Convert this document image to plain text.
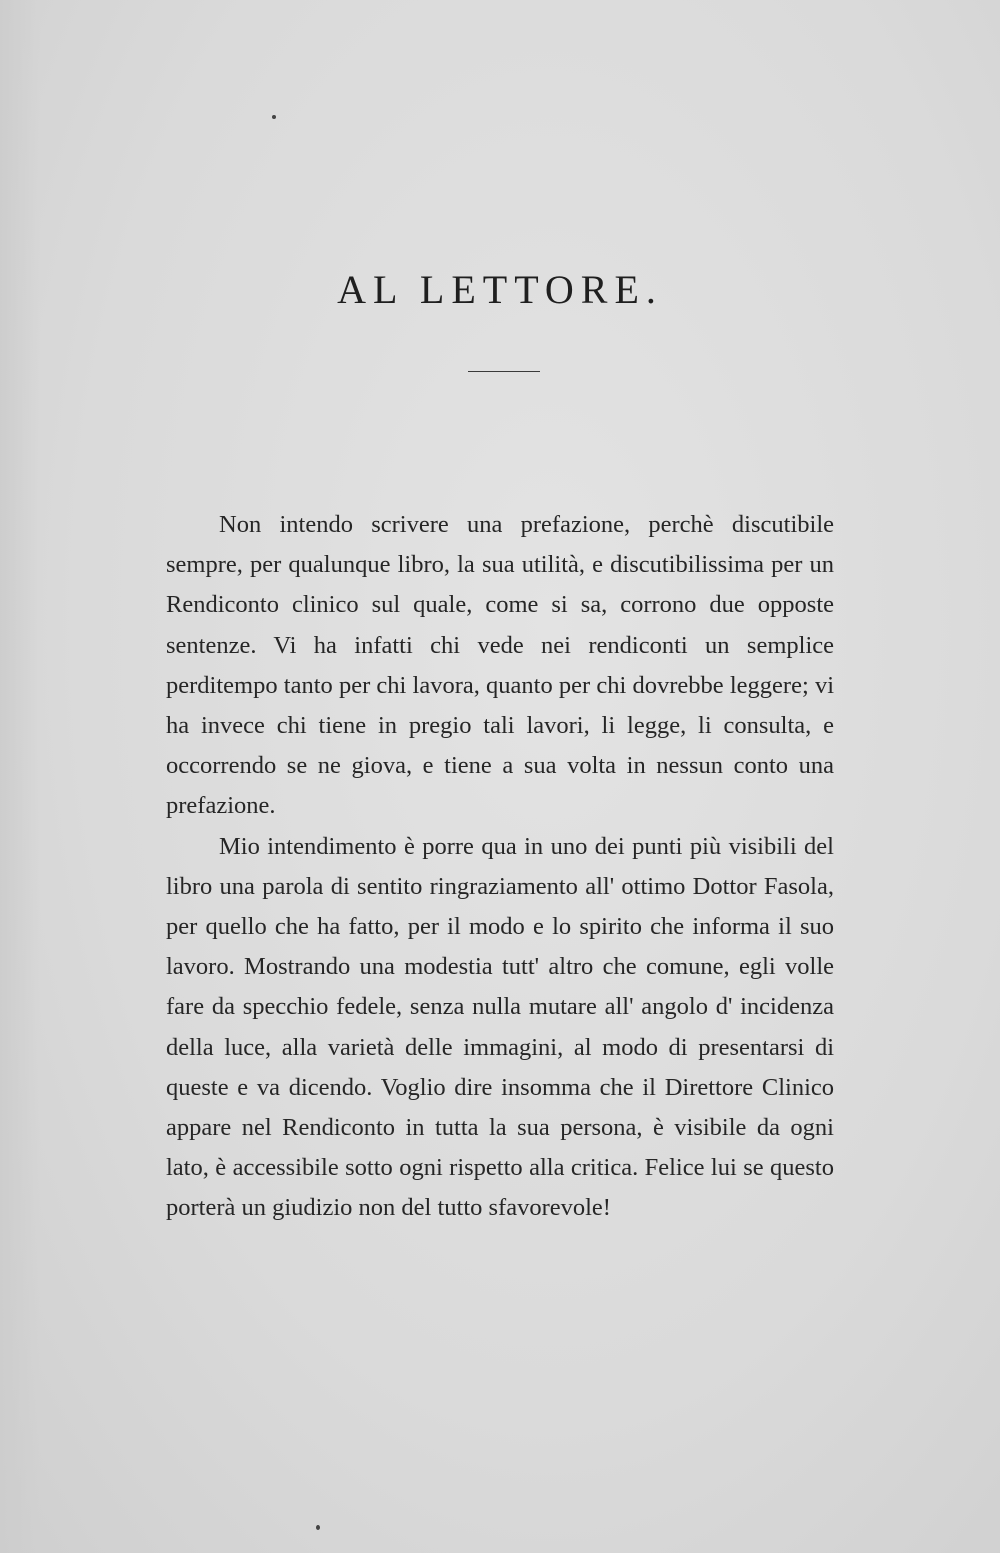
AL LETTORE.

Non intendo scrivere una prefazione, perchè discutibile sempre, per qualunque libro, la sua utilità, e discutibilissima per un Rendiconto clinico sul quale, come si sa, corrono due opposte sentenze. Vi ha infatti chi vede nei rendiconti un semplice perditempo tanto per chi lavora, quanto per chi dovrebbe leggere; vi ha invece chi tiene in pregio tali lavori, li legge, li consulta, e occorrendo se ne giova, e tiene a sua volta in nessun conto una prefazione.

Mio intendimento è porre qua in uno dei punti più visibili del libro una parola di sentito ringraziamento all' ottimo Dottor Fasola, per quello che ha fatto, per il modo e lo spirito che informa il suo lavoro. Mostrando una modestia tutt' altro che comune, egli volle fare da specchio fedele, senza nulla mutare all' angolo d' incidenza della luce, alla varietà delle immagini, al modo di presentarsi di queste e va dicendo. Voglio dire insomma che il Direttore Clinico appare nel Rendiconto in tutta la sua persona, è visibile da ogni lato, è accessibile sotto ogni rispetto alla critica. Felice lui se questo porterà un giudizio non del tutto sfavorevole!
